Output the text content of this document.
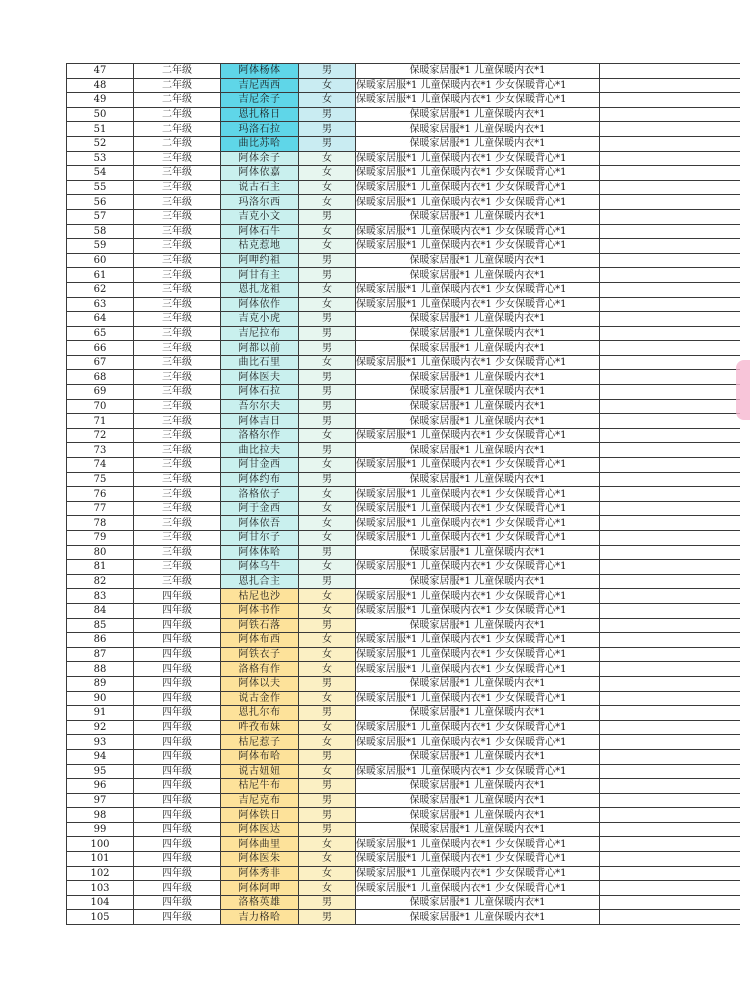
47	二年级	阿体杨体	男	保暖家居服*1 儿童保暖内衣*1	
48	二年级	吉尼西西	女	保暖家居服*1 儿童保暖内衣*1 少女保暖背心*1	
49	二年级	吉尼余子	女	保暖家居服*1 儿童保暖内衣*1 少女保暖背心*1	
50	二年级	恩扎格日	男	保暖家居服*1 儿童保暖内衣*1	
51	二年级	玛洛石拉	男	保暖家居服*1 儿童保暖内衣*1	
52	二年级	曲比苏哈	男	保暖家居服*1 儿童保暖内衣*1	
53	三年级	阿体余子	女	保暖家居服*1 儿童保暖内衣*1 少女保暖背心*1	
54	三年级	阿体依嘉	女	保暖家居服*1 儿童保暖内衣*1 少女保暖背心*1	
55	三年级	说古石主	女	保暖家居服*1 儿童保暖内衣*1 少女保暖背心*1	
56	三年级	玛洛尔西	女	保暖家居服*1 儿童保暖内衣*1 少女保暖背心*1	
57	三年级	吉克小文	男	保暖家居服*1 儿童保暖内衣*1	
58	三年级	阿体石牛	女	保暖家居服*1 儿童保暖内衣*1 少女保暖背心*1	
59	三年级	枯克惹地	女	保暖家居服*1 儿童保暖内衣*1 少女保暖背心*1	
60	三年级	阿呷约祖	男	保暖家居服*1 儿童保暖内衣*1	
61	三年级	阿甘有主	男	保暖家居服*1 儿童保暖内衣*1	
62	三年级	恩扎龙祖	女	保暖家居服*1 儿童保暖内衣*1 少女保暖背心*1	
63	三年级	阿体依作	女	保暖家居服*1 儿童保暖内衣*1 少女保暖背心*1	
64	三年级	吉克小虎	男	保暖家居服*1 儿童保暖内衣*1	
65	三年级	吉尼拉布	男	保暖家居服*1 儿童保暖内衣*1	
66	三年级	阿都以前	男	保暖家居服*1 儿童保暖内衣*1	
67	三年级	曲比石里	女	保暖家居服*1 儿童保暖内衣*1 少女保暖背心*1	
68	三年级	阿体医夫	男	保暖家居服*1 儿童保暖内衣*1	
69	三年级	阿体石拉	男	保暖家居服*1 儿童保暖内衣*1	
70	三年级	吾尔尔夫	男	保暖家居服*1 儿童保暖内衣*1	
71	三年级	阿体吉日	男	保暖家居服*1 儿童保暖内衣*1	
72	三年级	洛格尔作	女	保暖家居服*1 儿童保暖内衣*1 少女保暖背心*1	
73	三年级	曲比拉夫	男	保暖家居服*1 儿童保暖内衣*1	
74	三年级	阿甘金西	女	保暖家居服*1 儿童保暖内衣*1 少女保暖背心*1	
75	三年级	阿体约布	男	保暖家居服*1 儿童保暖内衣*1	
76	三年级	洛格依子	女	保暖家居服*1 儿童保暖内衣*1 少女保暖背心*1	
77	三年级	阿于金西	女	保暖家居服*1 儿童保暖内衣*1 少女保暖背心*1	
78	三年级	阿体依吾	女	保暖家居服*1 儿童保暖内衣*1 少女保暖背心*1	
79	三年级	阿甘尔子	女	保暖家居服*1 儿童保暖内衣*1 少女保暖背心*1	
80	三年级	阿体体哈	男	保暖家居服*1 儿童保暖内衣*1	
81	三年级	阿体乌牛	女	保暖家居服*1 儿童保暖内衣*1 少女保暖背心*1	
82	三年级	恩扎合主	男	保暖家居服*1 儿童保暖内衣*1	
83	四年级	枯尼也沙	女	保暖家居服*1 儿童保暖内衣*1 少女保暖背心*1	
84	四年级	阿体书作	女	保暖家居服*1 儿童保暖内衣*1 少女保暖背心*1	
85	四年级	阿铁石落	男	保暖家居服*1 儿童保暖内衣*1	
86	四年级	阿体布西	女	保暖家居服*1 儿童保暖内衣*1 少女保暖背心*1	
87	四年级	阿铁衣子	女	保暖家居服*1 儿童保暖内衣*1 少女保暖背心*1	
88	四年级	洛格有作	女	保暖家居服*1 儿童保暖内衣*1 少女保暖背心*1	
89	四年级	阿体以夫	男	保暖家居服*1 儿童保暖内衣*1	
90	四年级	说古金作	女	保暖家居服*1 儿童保暖内衣*1 少女保暖背心*1	
91	四年级	恩扎尔布	男	保暖家居服*1 儿童保暖内衣*1	
92	四年级	吽孜布妹	女	保暖家居服*1 儿童保暖内衣*1 少女保暖背心*1	
93	四年级	枯尼惹子	女	保暖家居服*1 儿童保暖内衣*1 少女保暖背心*1	
94	四年级	阿体布哈	男	保暖家居服*1 儿童保暖内衣*1	
95	四年级	说古妞妞	女	保暖家居服*1 儿童保暖内衣*1 少女保暖背心*1	
96	四年级	枯尼牛布	男	保暖家居服*1 儿童保暖内衣*1	
97	四年级	吉尼克布	男	保暖家居服*1 儿童保暖内衣*1	
98	四年级	阿体铁日	男	保暖家居服*1 儿童保暖内衣*1	
99	四年级	阿体医达	男	保暖家居服*1 儿童保暖内衣*1	
100	四年级	阿体曲里	女	保暖家居服*1 儿童保暖内衣*1 少女保暖背心*1	
101	四年级	阿体医朱	女	保暖家居服*1 儿童保暖内衣*1 少女保暖背心*1	
102	四年级	阿体秀非	女	保暖家居服*1 儿童保暖内衣*1 少女保暖背心*1	
103	四年级	阿体阿呷	女	保暖家居服*1 儿童保暖内衣*1 少女保暖背心*1	
104	四年级	洛格英雄	男	保暖家居服*1 儿童保暖内衣*1	
105	四年级	吉力格哈	男	保暖家居服*1 儿童保暖内衣*1	
